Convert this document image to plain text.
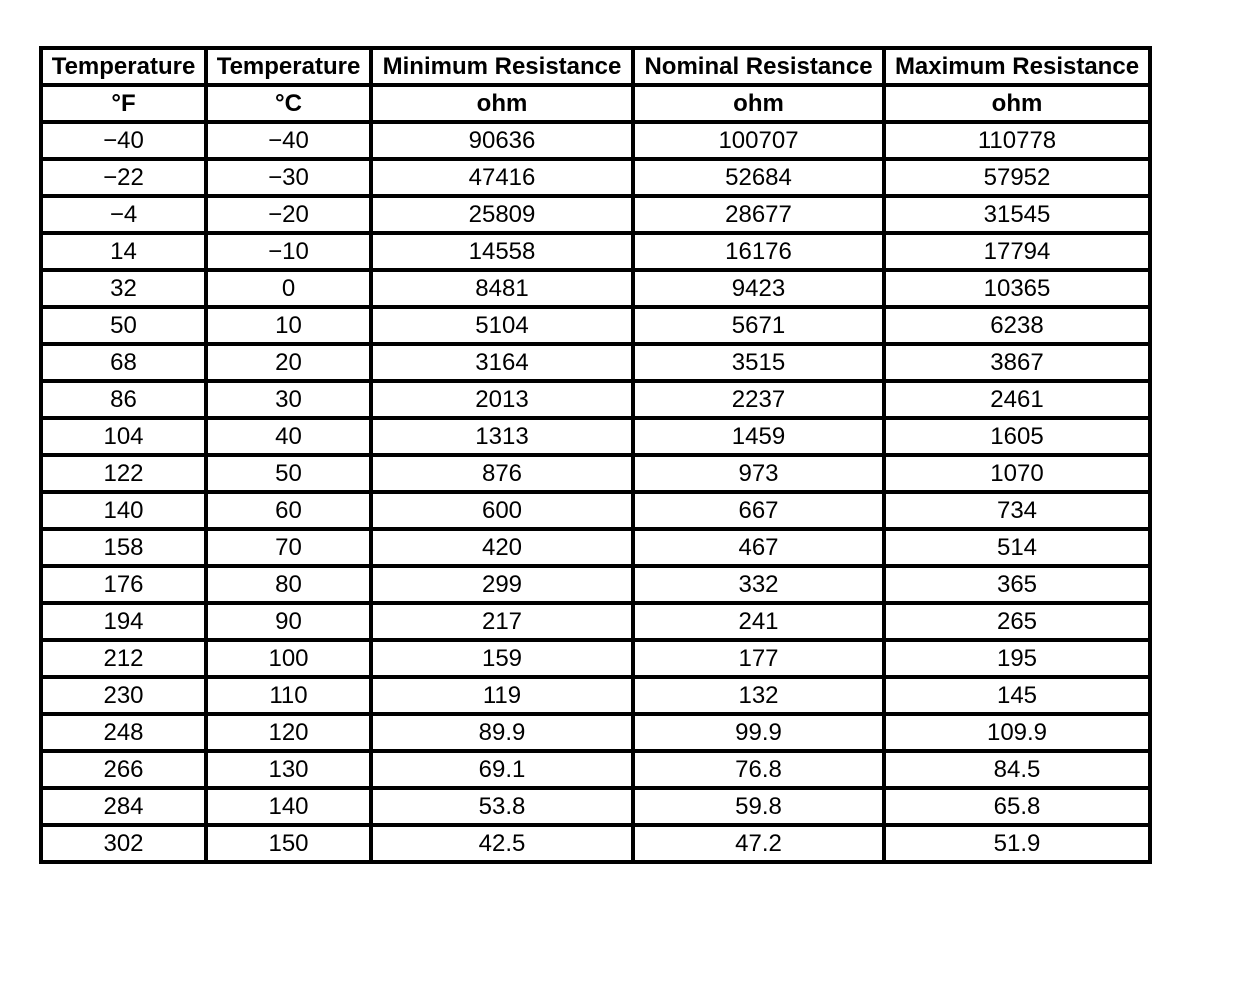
Temperature	Temperature	Minimum Resistance	Nominal Resistance	Maximum Resistance
°F	°C	ohm	ohm	ohm
−40	−40	90636	100707	110778
−22	−30	47416	52684	57952
−4	−20	25809	28677	31545
14	−10	14558	16176	17794
32	0	8481	9423	10365
50	10	5104	5671	6238
68	20	3164	3515	3867
86	30	2013	2237	2461
104	40	1313	1459	1605
122	50	876	973	1070
140	60	600	667	734
158	70	420	467	514
176	80	299	332	365
194	90	217	241	265
212	100	159	177	195
230	110	119	132	145
248	120	89.9	99.9	109.9
266	130	69.1	76.8	84.5
284	140	53.8	59.8	65.8
302	150	42.5	47.2	51.9
